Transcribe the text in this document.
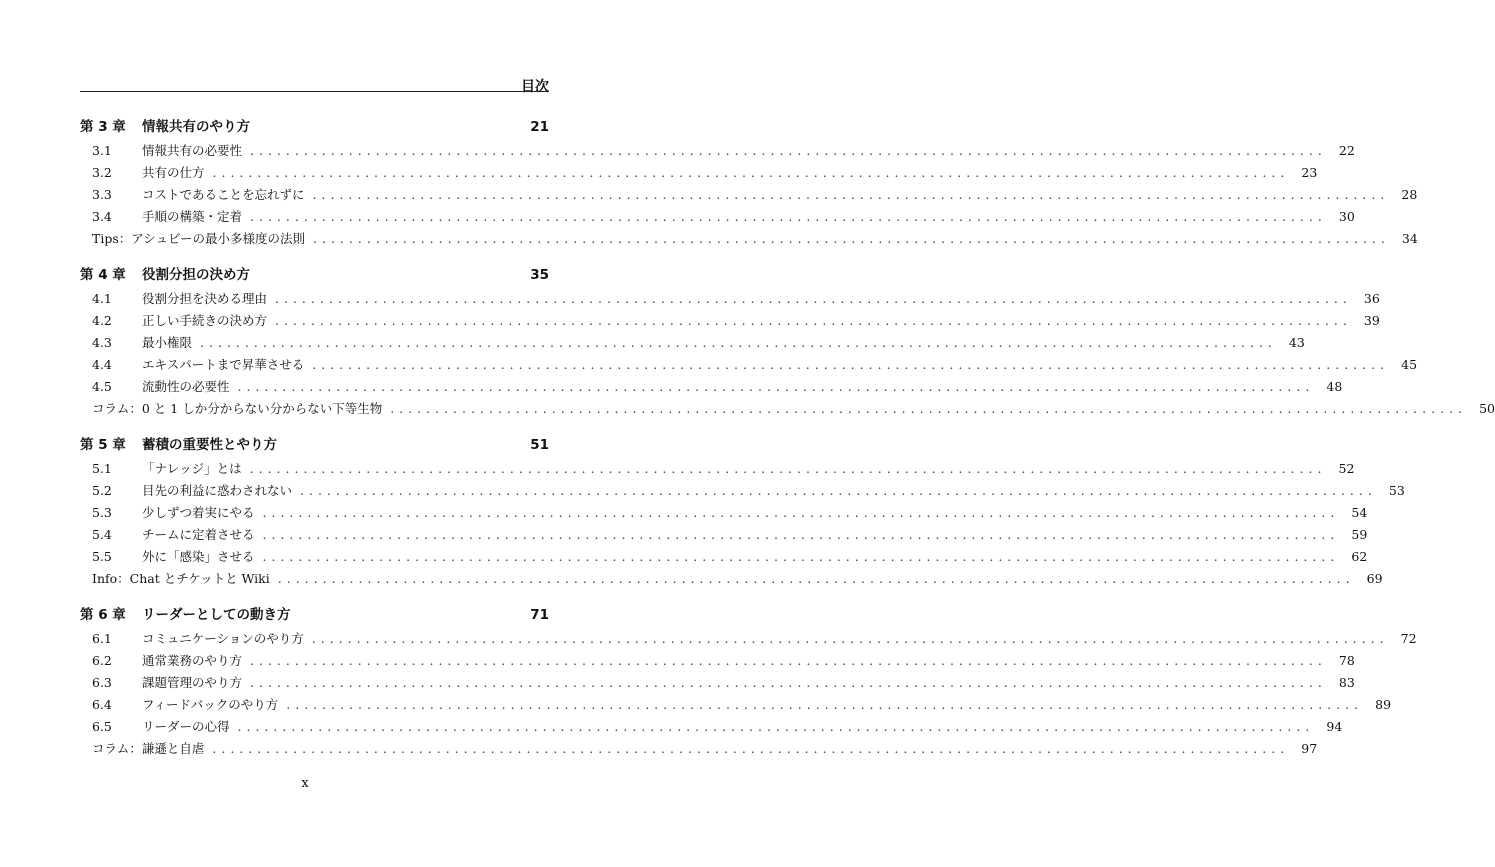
目次
第 3 章	情報共有のやり方	21
3.1	情報共有の必要性 ........................................................................................................................ 22
3.2	共有の仕方 ........................................................................................................................ 23
3.3	コストであることを忘れずに ........................................................................................................................ 28
3.4	手順の構築・定着 ........................................................................................................................ 30
Tips：アシュビーの最小多様度の法則 ........................................................................................................................ 34
第 4 章	役割分担の決め方	35
4.1	役割分担を決める理由 ........................................................................................................................ 36
4.2	正しい手続きの決め方 ........................................................................................................................ 39
4.3	最小権限 ........................................................................................................................ 43
4.4	エキスパートまで昇華させる ........................................................................................................................ 45
4.5	流動性の必要性 ........................................................................................................................ 48
コラム：0 と 1 しか分からない分からない下等生物 ........................................................................................................................ 50
第 5 章	蓄積の重要性とやり方	51
5.1	「ナレッジ」とは ........................................................................................................................ 52
5.2	目先の利益に惑わされない ........................................................................................................................ 53
5.3	少しずつ着実にやる ........................................................................................................................ 54
5.4	チームに定着させる ........................................................................................................................ 59
5.5	外に「感染」させる ........................................................................................................................ 62
Info：Chat とチケットと Wiki ........................................................................................................................ 69
第 6 章	リーダーとしての動き方	71
6.1	コミュニケーションのやり方 ........................................................................................................................ 72
6.2	通常業務のやり方 ........................................................................................................................ 78
6.3	課題管理のやり方 ........................................................................................................................ 83
6.4	フィードバックのやり方 ........................................................................................................................ 89
6.5	リーダーの心得 ........................................................................................................................ 94
コラム：謙遜と自虐 ........................................................................................................................ 97
x
